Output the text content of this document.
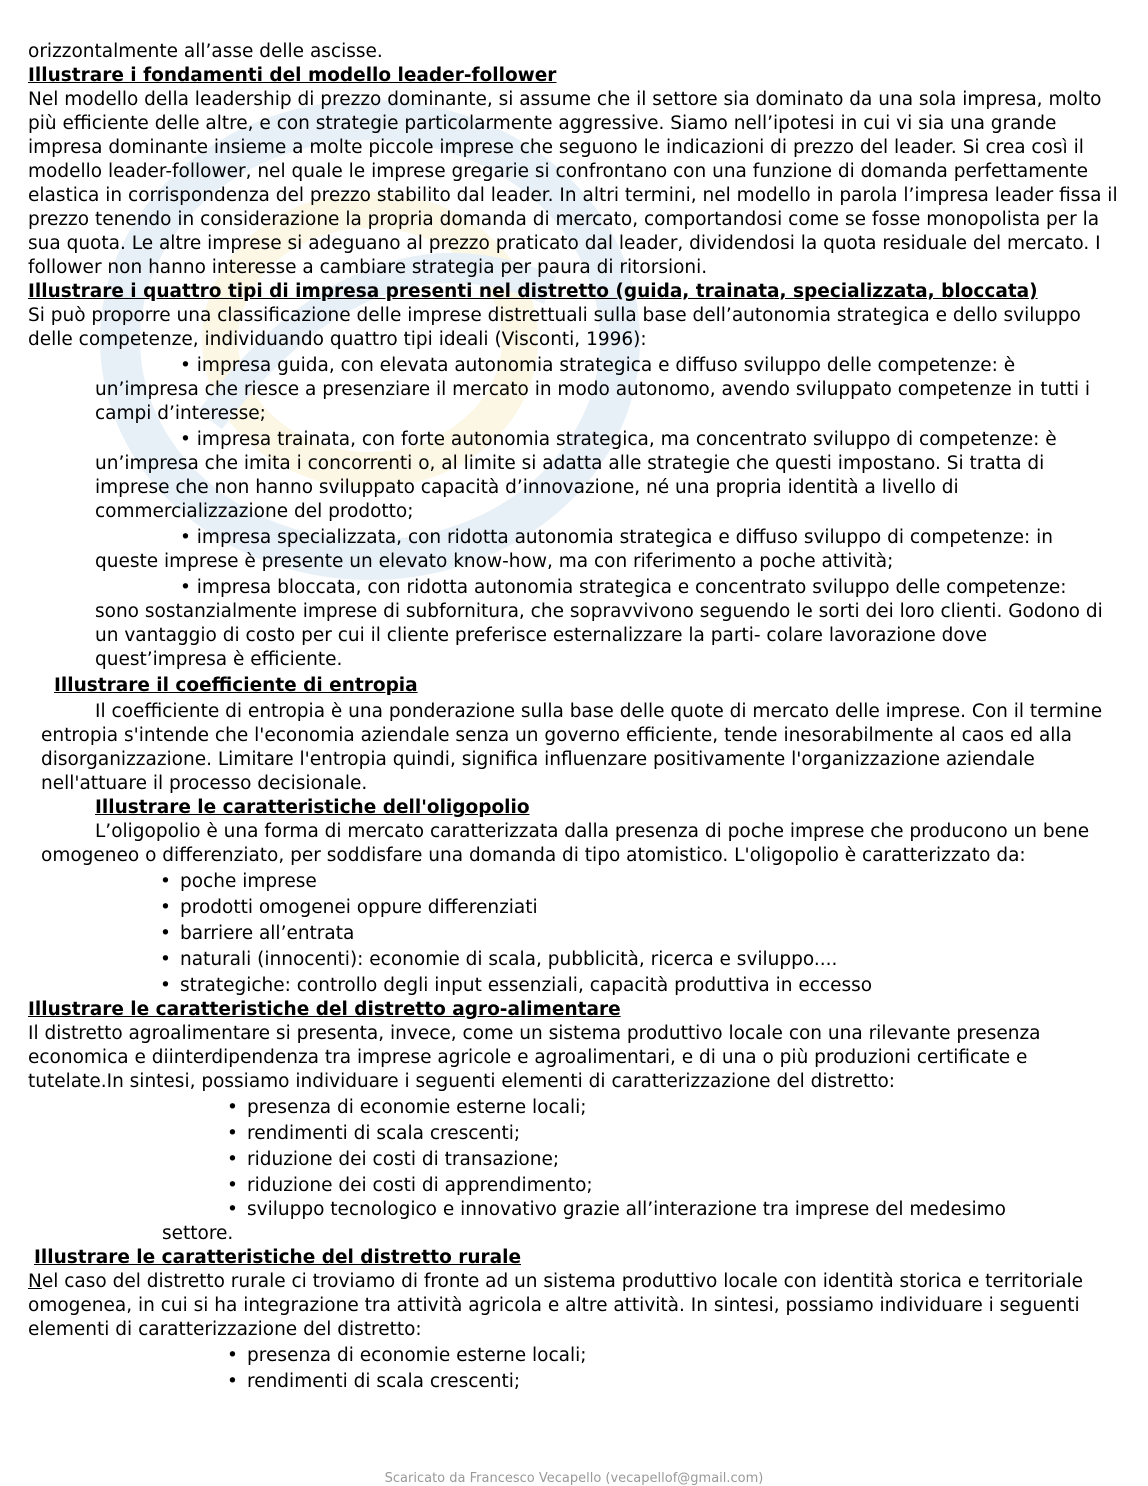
orizzontalmente all’asse delle ascisse.

Illustrare i fondamenti del modello leader-follower

Nel modello della leadership di prezzo dominante, si assume che il settore sia dominato da una sola impresa, molto più efficiente delle altre, e con strategie particolarmente aggressive. Siamo nell’ipotesi in cui vi sia una grande impresa dominante insieme a molte piccole imprese che seguono le indicazioni di prezzo del leader. Si crea così il modello leader-follower, nel quale le imprese gregarie si confrontano con una funzione di domanda perfettamente elastica in corrispondenza del prezzo stabilito dal leader. In altri termini, nel modello in parola l’impresa leader fissa il prezzo tenendo in considerazione la propria domanda di mercato, comportandosi come se fosse monopolista per la sua quota. Le altre imprese si adeguano al prezzo praticato dal leader, dividendosi la quota residuale del mercato. I follower non hanno interesse a cambiare strategia per paura di ritorsioni.

Illustrare i quattro tipi di impresa presenti nel distretto (guida, trainata, specializzata, bloccata)

Si può proporre una classificazione delle imprese distrettuali sulla base dell’autonomia strategica e dello sviluppo delle competenze, individuando quattro tipi ideali (Visconti, 1996):

• impresa guida, con elevata autonomia strategica e diffuso sviluppo delle competenze: è
un’impresa che riesce a presenziare il mercato in modo autonomo, avendo sviluppato competenze in tutti i campi d’interesse;
• impresa trainata, con forte autonomia strategica, ma concentrato sviluppo di competenze: è
un’impresa che imita i concorrenti o, al limite si adatta alle strategie che questi impostano. Si tratta di imprese che non hanno sviluppato capacità d’innovazione, né una propria identità a livello di commercializzazione del prodotto;
• impresa specializzata, con ridotta autonomia strategica e diffuso sviluppo di competenze: in
queste imprese è presente un elevato know-how, ma con riferimento a poche attività;
• impresa bloccata, con ridotta autonomia strategica e concentrato sviluppo delle competenze:
sono sostanzialmente imprese di subfornitura, che sopravvivono seguendo le sorti dei loro clienti. Godono di un vantaggio di costo per cui il cliente preferisce esternalizzare la parti- colare lavorazione dove quest’impresa è efficiente.

Illustrare il coefficiente di entropia

Il coefficiente di entropia è una ponderazione sulla base delle quote di mercato delle imprese. Con il termine entropia s'intende che l'economia aziendale senza un governo efficiente, tende inesorabilmente al caos ed alla disorganizzazione. Limitare l'entropia quindi, significa influenzare positivamente l'organizzazione aziendale nell'attuare il processo decisionale.

Illustrare le caratteristiche dell'oligopolio

L’oligopolio è una forma di mercato caratterizzata dalla presenza di poche imprese che producono un bene omogeneo o differenziato, per soddisfare una domanda di tipo atomistico. L'oligopolio è caratterizzato da:

• poche imprese
• prodotti omogenei oppure differenziati
• barriere all’entrata
• naturali (innocenti): economie di scala, pubblicità, ricerca e sviluppo....
• strategiche: controllo degli input essenziali, capacità produttiva in eccesso

Illustrare le caratteristiche del distretto agro-alimentare

Il distretto agroalimentare si presenta, invece, come un sistema produttivo locale con una rilevante presenza economica e diinterdipendenza tra imprese agricole e agroalimentari, e di una o più produzioni certificate e tutelate.In sintesi, possiamo individuare i seguenti elementi di caratterizzazione del distretto:

• presenza di economie esterne locali;
• rendimenti di scala crescenti;
• riduzione dei costi di transazione;
• riduzione dei costi di apprendimento;
• sviluppo tecnologico e innovativo grazie all’interazione tra imprese del medesimo

settore.

Illustrare le caratteristiche del distretto rurale

Nel caso del distretto rurale ci troviamo di fronte ad un sistema produttivo locale con identità storica e territoriale omogenea, in cui si ha integrazione tra attività agricola e altre attività. In sintesi, possiamo individuare i seguenti elementi di caratterizzazione del distretto:

• presenza di economie esterne locali;
• rendimenti di scala crescenti;
Scaricato da Francesco Vecapello (vecapellof@gmail.com)
